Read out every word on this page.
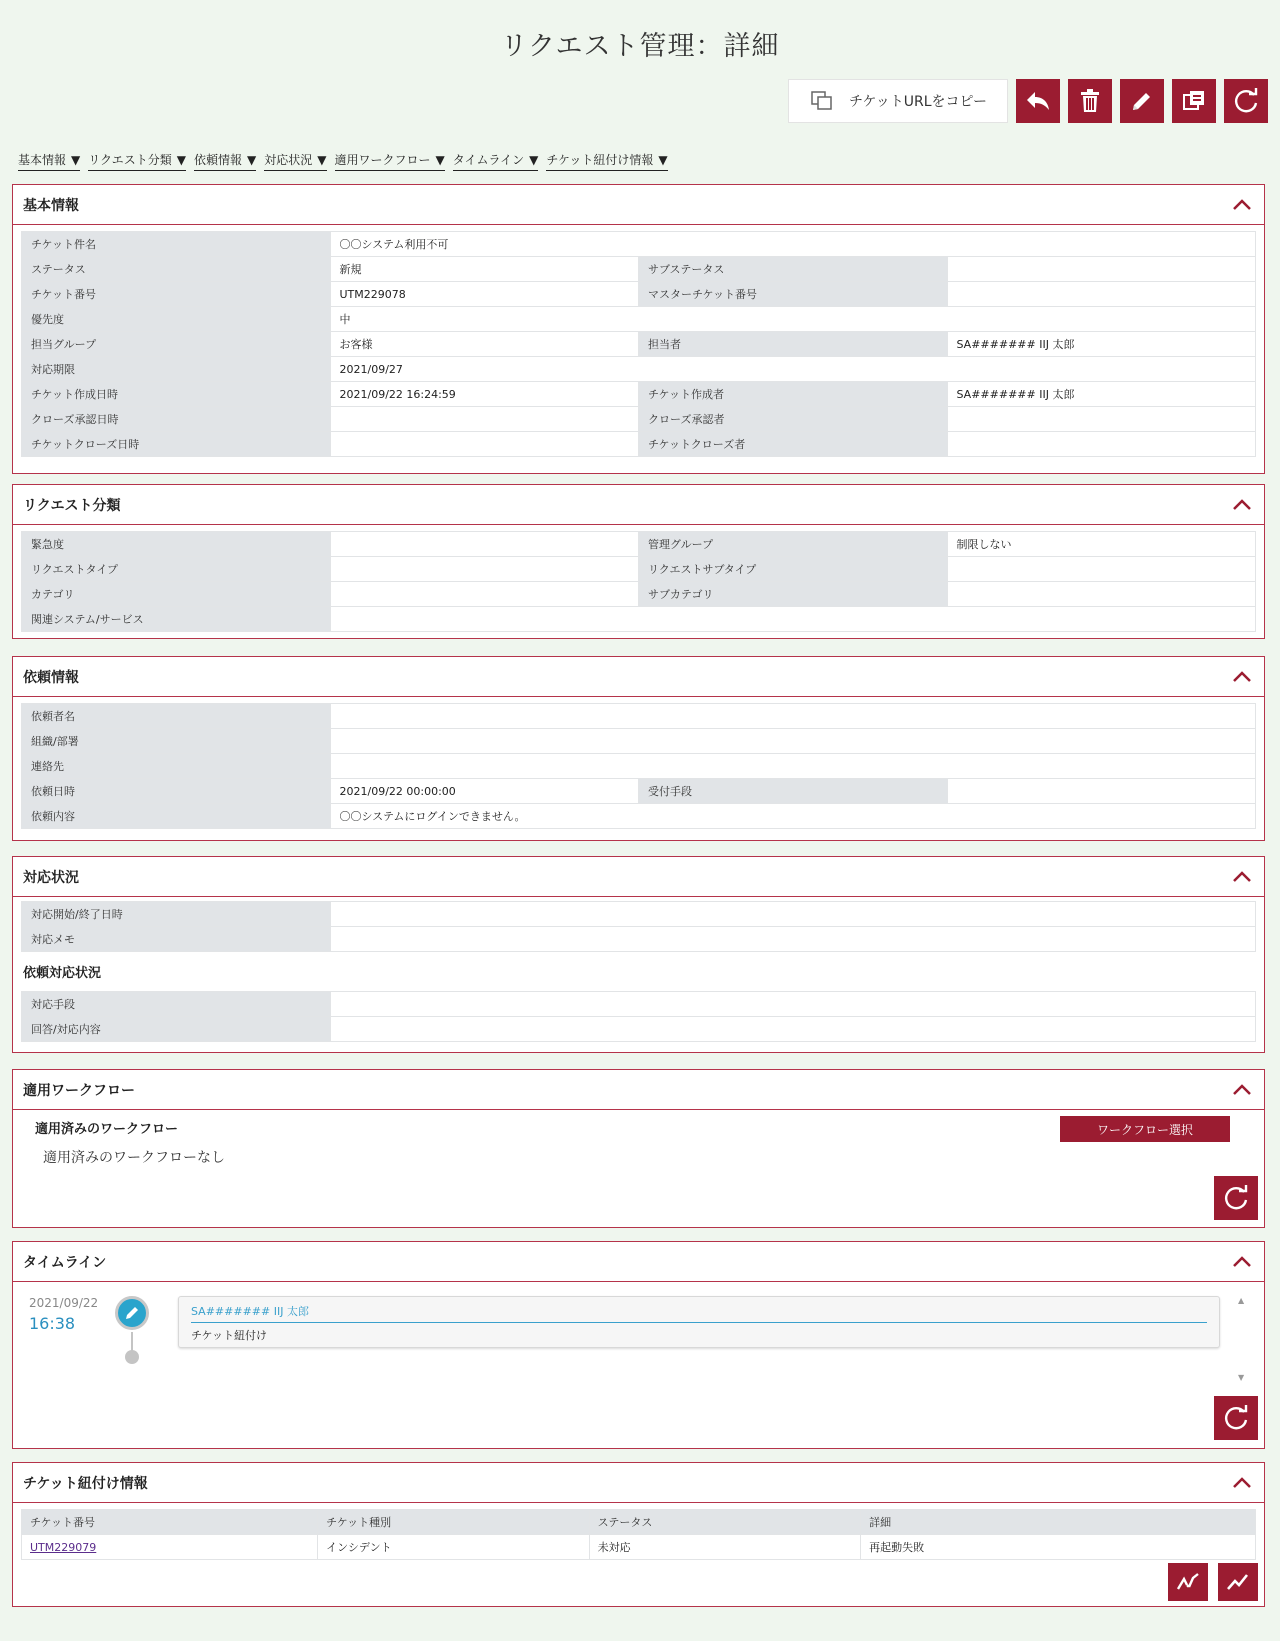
リクエスト管理：詳細
チケットURLをコピー
基本情報 ▼ リクエスト分類 ▼ 依頼情報 ▼ 対応状況 ▼ 適用ワークフロー ▼ タイムライン ▼ チケット紐付け情報 ▼
基本情報
チケット件名	〇〇システム利用不可		
ステータス	新規	サブステータス	
チケット番号	UTM229078	マスターチケット番号	
優先度	中		
担当グループ	お客様	担当者	SA####### IIJ 太郎
対応期限	2021/09/27		
チケット作成日時	2021/09/22 16:24:59	チケット作成者	SA####### IIJ 太郎
クローズ承認日時		クローズ承認者	
チケットクローズ日時		チケットクローズ者	
リクエスト分類
緊急度		管理グループ	制限しない
リクエストタイプ		リクエストサブタイプ	
カテゴリ		サブカテゴリ	
関連システム/サービス			
依頼情報
依頼者名			
組織/部署			
連絡先			
依頼日時	2021/09/22 00:00:00	受付手段	
依頼内容	〇〇システムにログインできません。		
対応状況
対応開始/終了日時	
対応メモ	
依頼対応状況
対応手段	
回答/対応内容	
適用ワークフロー
適用済みのワークフロー
適用済みのワークフローなし
ワークフロー選択
タイムライン
2021/09/22
16:38
SA####### IIJ 太郎
チケット紐付け
▲
▼
チケット紐付け情報
チケット番号	チケット種別	ステータス	詳細
UTM229079	インシデント	未対応	再起動失敗
